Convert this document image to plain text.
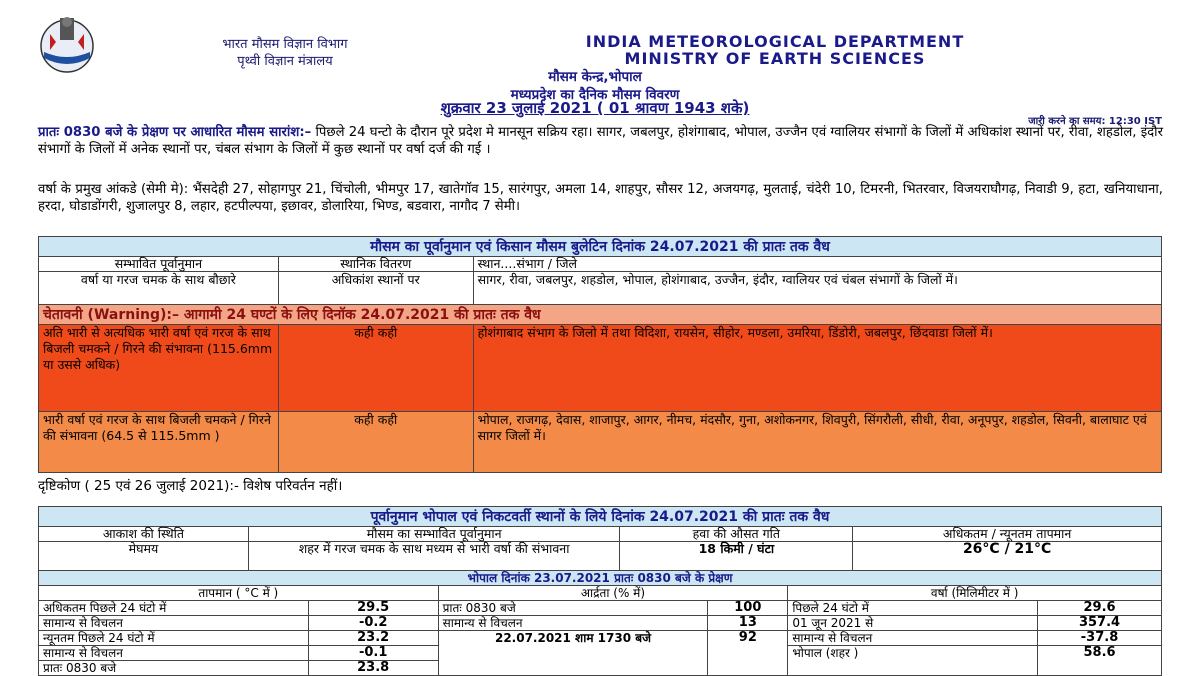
भारत मौसम विज्ञान विभाग
पृथ्वी विज्ञान मंत्रालय
INDIA METEOROLOGICAL DEPARTMENT
MINISTRY OF EARTH SCIENCES
मौसम केन्द्र,भोपाल
मध्यप्रदेश का दैनिक मौसम विवरण
शुक्रवार 23 जुलाई 2021 ( 01 श्रावण 1943 शके)
जारी करने का समय: 12:30 IST
प्रातः 0830 बजे के प्रेक्षण पर आधारित मौसम सारांश:– पिछले 24 घन्टो के दौरान पूरे प्रदेश मे मानसून सक्रिय रहा। सागर, जबलपुर, होशंगाबाद, भोपाल, उज्जैन एवं ग्वालियर संभागों के जिलों में अधिकांश स्थानों पर, रीवा, शहडोल, इंदौर संभागों के जिलों में अनेक स्थानों पर, चंबल संभाग के जिलों में कुछ स्थानों पर वर्षा दर्ज की गई ।
वर्षा के प्रमुख आंकडे (सेमी मे): भैंसदेही 27, सोहागपुर 21, चिंचोली, भीमपुर 17, खातेगॉव 15, सारंगपुर, अमला 14, शाहपुर, सौसर 12, अजयगढ़, मुलताई, चंदेरी 10, टिमरनी, भितरवार, विजयराघौगढ़, निवाडी 9, हटा, खनियाधाना, हरदा, घोडाडोंगरी, शुजालपुर 8, लहार, हटपील्पया, इछावर, डोलारिया, भिण्ड, बडवारा, नागौद 7 सेमी।
मौसम का पूर्वानुमान एवं किसान मौसम बुलेटिन दिनांक 24.07.2021 की प्रातः तक वैध		
सम्भावित पूर्वानुमान	स्थानिक वितरण	स्थान....संभाग / जिले
वर्षा या गरज चमक के साथ बौछारे	अधिकांश स्थानों पर	सागर, रीवा, जबलपुर, शहडोल, भोपाल, होशंगाबाद, उज्जैन, इंदौर, ग्वालियर एवं चंबल संभागों के जिलों में।
चेतावनी (Warning):– आगामी 24 घण्टों के लिए दिनॉक 24.07.2021 की प्रातः तक वैध		
अति भारी से अत्यधिक भारी वर्षा एवं गरज के साथ बिजली चमकने / गिरने की संभावना (115.6mm या उससे अधिक)	कही कही	होशंगाबाद संभाग के जिलो में तथा विदिशा, रायसेन, सीहोर, मण्डला, उमरिया, डिंडोरी, जबलपुर, छिंदवाडा जिलों में।
भारी वर्षा एवं गरज के साथ बिजली चमकने / गिरने की संभावना (64.5 से 115.5mm )	कही कही	भोपाल, राजगढ़, देवास, शाजापुर, आगर, नीमच, मंदसौर, गुना, अशोकनगर, शिवपुरी, सिंगरौली, सीधी, रीवा, अनूपपुर, शहडोल, सिवनी, बालाघाट एवं सागर जिलों में।
दृष्टिकोण ( 25 एवं 26 जुलाई 2021):- विशेष परिवर्तन नहीं।
पूर्वानुमान भोपाल एवं निकटवर्ती स्थानों के लिये दिनांक 24.07.2021 की प्रातः तक वैध			
आकाश की स्थिति	मौसम का सम्भावित पूर्वानुमान	हवा की औसत गति	अधिकतम / न्यूनतम तापमान
मेघमय	शहर में गरज चमक के साथ मध्यम से भारी वर्षा की संभावना	18 किमी / घंटा	26°C / 21°C
भोपाल दिनांक 23.07.2021 प्रातः 0830 बजे के प्रेक्षण					
तापमान ( °C में )		आर्द्रता (% में)		वर्षा (मिलिमीटर में )	
अधिकतम पिछले 24 घंटो में	29.5	प्रातः 0830 बजे	100	पिछले 24 घंटो में	29.6
सामान्य से विचलन	-0.2	सामान्य से विचलन	13	01 जून 2021 से	357.4
न्यूनतम पिछले 24 घंटो में	23.2	22.07.2021 शाम 1730 बजे	92	सामान्य से विचलन	-37.8
सामान्य से विचलन	-0.1			भोपाल (शहर )	58.6
प्रातः 0830 बजे	23.8				
